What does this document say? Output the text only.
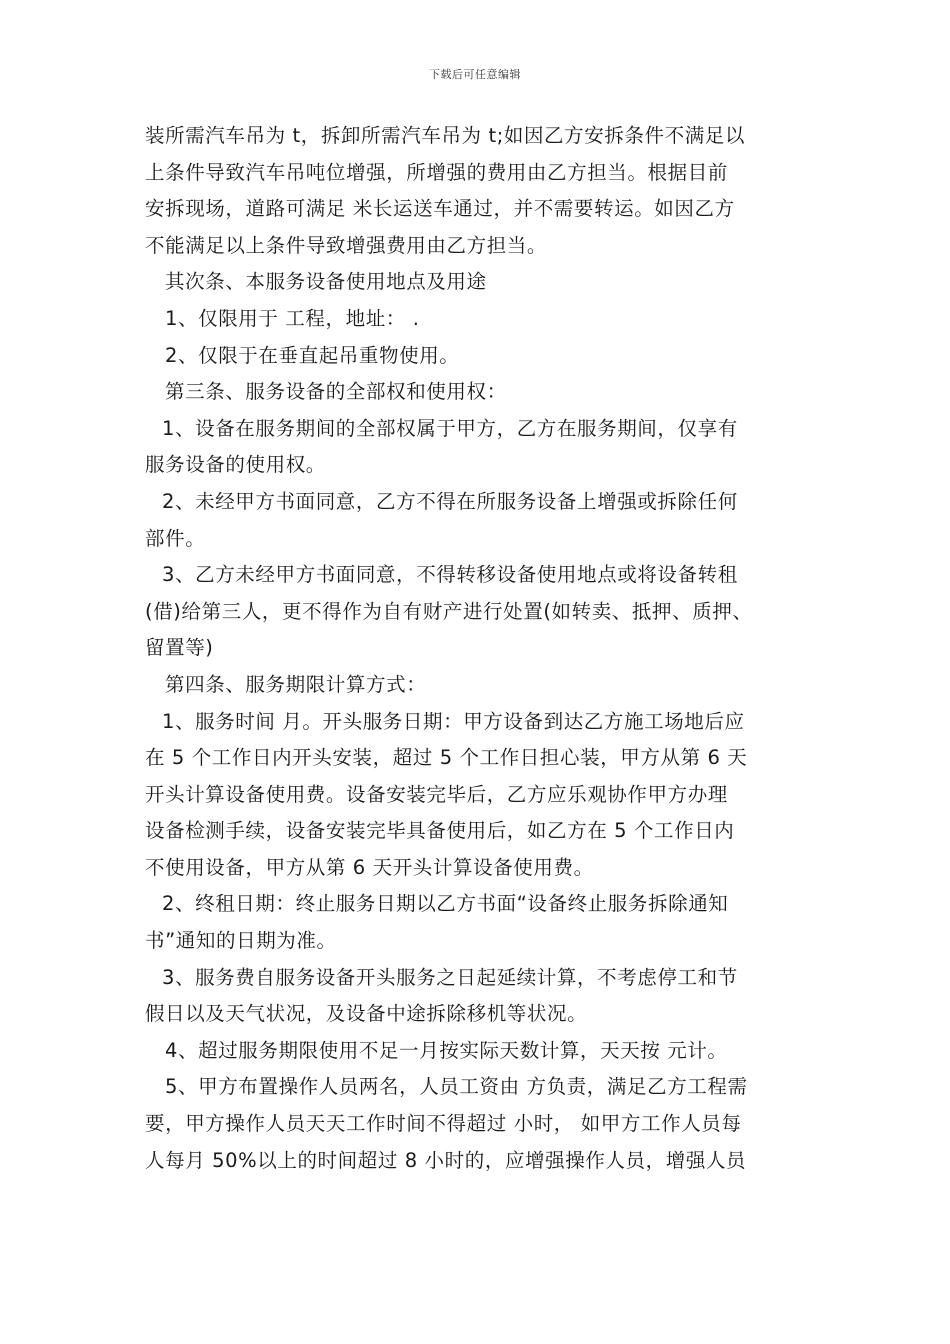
下载后可任意编辑
装所需汽车吊为 t，拆卸所需汽车吊为 t;如因乙方安拆条件不满足以
上条件导致汽车吊吨位增强，所增强的费用由乙方担当。根据目前
安拆现场，道路可满足 米长运送车通过，并不需要转运。如因乙方
不能满足以上条件导致增强费用由乙方担当。
其次条、本服务设备使用地点及用途
1、仅限用于 工程，地址： .
2、仅限于在垂直起吊重物使用。
第三条、服务设备的全部权和使用权：
1、设备在服务期间的全部权属于甲方，乙方在服务期间，仅享有
服务设备的使用权。
2、未经甲方书面同意，乙方不得在所服务设备上增强或拆除任何
部件。
3、乙方未经甲方书面同意，不得转移设备使用地点或将设备转租
(借)给第三人，更不得作为自有财产进行处置(如转卖、抵押、质押、
留置等)
第四条、服务期限计算方式：
1、服务时间 月。开头服务日期：甲方设备到达乙方施工场地后应
在 5 个工作日内开头安装，超过 5 个工作日担心装，甲方从第 6 天
开头计算设备使用费。设备安装完毕后，乙方应乐观协作甲方办理
设备检测手续，设备安装完毕具备使用后，如乙方在 5 个工作日内
不使用设备，甲方从第 6 天开头计算设备使用费。
2、终租日期：终止服务日期以乙方书面“设备终止服务拆除通知
书”通知的日期为准。
3、服务费自服务设备开头服务之日起延续计算，不考虑停工和节
假日以及天气状况，及设备中途拆除移机等状况。
4、超过服务期限使用不足一月按实际天数计算，天天按 元计。
5、甲方布置操作人员两名，人员工资由 方负责，满足乙方工程需
要，甲方操作人员天天工作时间不得超过 小时， 如甲方工作人员每
人每月 50%以上的时间超过 8 小时的，应增强操作人员，增强人员
